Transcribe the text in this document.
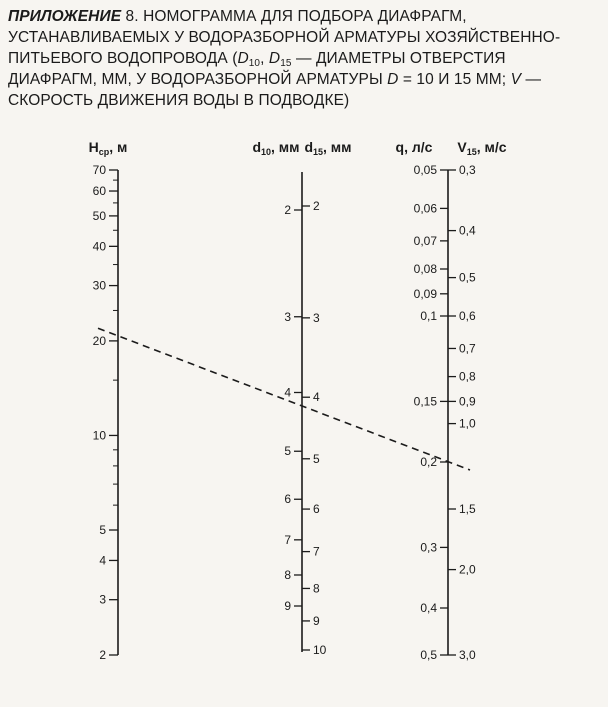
ПРИЛОЖЕНИЕ 8. НОМОГРАММА ДЛЯ ПОДБОРА ДИАФРАГМ,
УСТАНАВЛИВАЕМЫХ У ВОДОРАЗБОРНОЙ АРМАТУРЫ ХОЗЯЙСТВЕННО-
ПИТЬЕВОГО ВОДОПРОВОДА ($D_{10}$, $D_{15}$ — ДИАМЕТРЫ ОТВЕРСТИЯ
ДИАФРАГМ, ММ, У ВОДОРАЗБОРНОЙ АРМАТУРЫ D = 10 И 15 ММ; V —
СКОРОСТЬ ДВИЖЕНИЯ ВОДЫ В ПОДВОДКЕ)
$H_{ср}$, м
2
3
4
5
10
20
30
40
50
60
70
$d_{10}$, мм $d_{15}$, мм
2
3
4
5
6
7
8
9
2
3
4
5
6
7
8
9
10
q, л/с $V_{15}$, м/с
0,05
0,06
0,07
0,08
0,09
0,1
0,15
0,2
0,3
0,4
0,5
0,3
0,4
0,5
0,6
0,7
0,8
0,9
1,0
1,5
2,0
3,0
